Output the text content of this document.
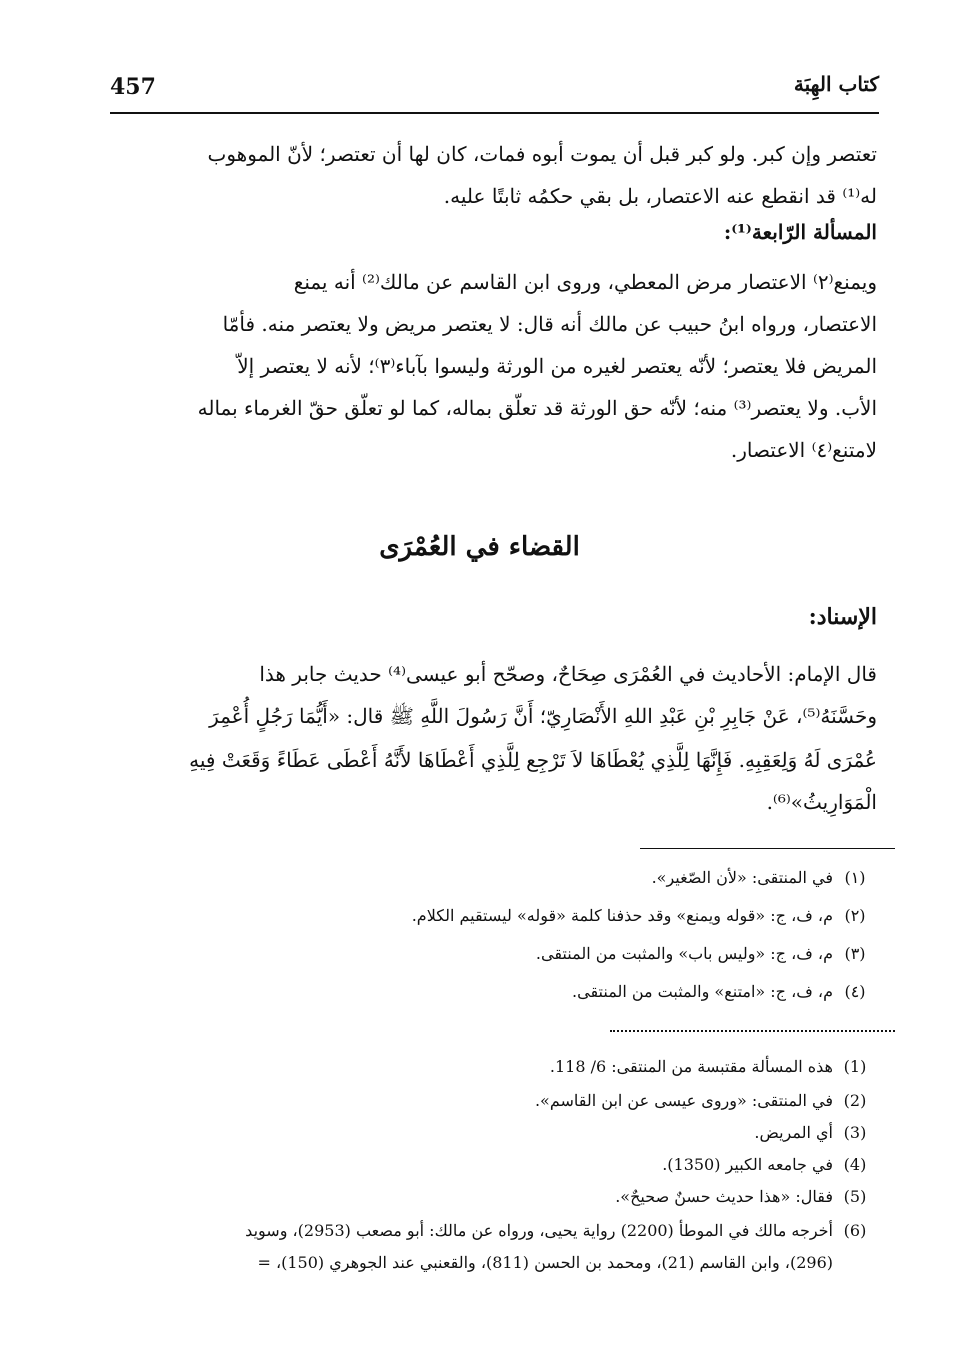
457	كتاب الهِبَة
تعتصر وإن كبر. ولو كبر قبل أن يموت أبوه فمات، كان لها أن تعتصر؛ لأنّ الموهوب
له⁽¹⁾ قد انقطع عنه الاعتصار، بل بقي حكمُه ثابتًا عليه.
المسألة الرّابعة⁽¹⁾:
ويمنع⁽٢⁾ الاعتصار مرض المعطي، وروى ابن القاسم عن مالك⁽²⁾ أنه يمنع
الاعتصار، ورواه ابنُ حبيب عن مالك أنه قال: لا يعتصر مريض ولا يعتصر منه. فأمّا
المريض فلا يعتصر؛ لأنّه يعتصر لغيره من الورثة وليسوا بآباء⁽٣⁾؛ لأنه لا يعتصر إلاّ
الأب. ولا يعتصر⁽³⁾ منه؛ لأنّه حق الورثة قد تعلّق بماله، كما لو تعلّق حقّ الغرماء بماله
لامتنع⁽٤⁾ الاعتصار.
القضاء في العُمْرَى
الإسناد:
قال الإمام: الأحاديث في العُمْرَى صِحَاحٌ، وصحّح أبو عيسى⁽⁴⁾ حديث جابر هذا
وحَسَّنَهُ⁽⁵⁾، عَنْ جَابِرِ بْنِ عَبْدِ اللهِ الأَنْصَارِيّ؛ أَنَّ رَسُولَ اللَّهِ ﷺ قال: «أَيُّمَا رَجُلٍ أُعْمِرَ
عُمْرَى لَهُ وَلِعَقِبِهِ. فَإِنَّهَا لِلَّذِي يُعْطَاهَا لاَ تَرْجِع لِلَّذِي أَعْطَاهَا لأَنَّهُ أَعْطَى عَطَاءً وَقَعَتْ فِيهِ
الْمَوَارِيثُ»⁽⁶⁾.
(١)في المنتقى: «لأن الصّغير».
(٢)م، ف، ج: «قوله ويمنع» وقد حذفنا كلمة «قوله» ليستقيم الكلام.
(٣)م، ف، ج: «وليس باب» والمثبت من المنتقى.
(٤)م، ف، ج: «امتنع» والمثبت من المنتقى.
(1)هذه المسألة مقتبسة من المنتقى: 6/ 118.
(2)في المنتقى: «وروى عيسى عن ابن القاسم».
(3)أي المريض.
(4)في جامعه الكبير (1350).
(5)فقال: «هذا حديث حسنٌ صحيحٌ».
(6)أخرجه مالك في الموطأ (2200) رواية يحيى، ورواه عن مالك: أبو مصعب (2953)، وسويد
(296)، وابن القاسم (21)، ومحمد بن الحسن (811)، والقعنبي عند الجوهري (150)، =
